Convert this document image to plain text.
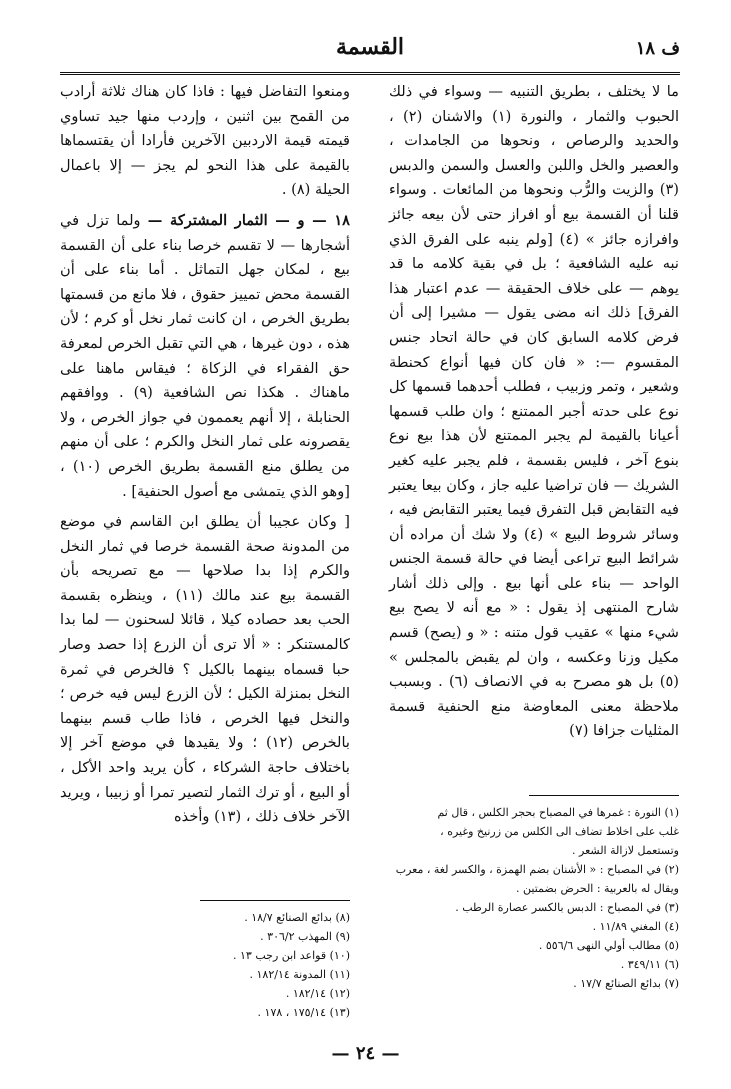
ف ١٨
القسمة

ما لا يختلف ، بطريق التنبيه — وسواء في ذلك الحبوب والثمار ، والنورة (١) والاشنان (٢) ، والحديد والرصاص ، ونحوها من الجامدات ، والعصير والخل واللبن والعسل والسمن والدبس (٣) والزيت والرُّب ونحوها من المائعات . وسواء قلنا أن القسمة بيع أو افراز حتى لأن بيعه جائز وافرازه جائز » (٤) [ولم ينبه على الفرق الذي نبه عليه الشافعية ؛ بل في بقية كلامه ما قد يوهم — على خلاف الحقيقة — عدم اعتبار هذا الفرق] ذلك انه مضى يقول — مشيرا إلى أن فرض كلامه السابق كان في حالة اتحاد جنس المقسوم —: « فان كان فيها أنواع كحنطة وشعير ، وتمر وزبيب ، فطلب أحدهما قسمها كل نوع على حدته أجبر الممتنع ؛ وان طلب قسمها أعيانا بالقيمة لم يجبر الممتنع لأن هذا بيع نوع بنوع آخر ، فليس بقسمة ، فلم يجبر عليه كغير الشريك — فان تراضيا عليه جاز ، وكان بيعا يعتبر فيه التقابض قبل التفرق فيما يعتبر التقابض فيه ، وسائر شروط البيع » (٤) ولا شك أن مراده أن شرائط البيع تراعى أيضا في حالة قسمة الجنس الواحد — بناء على أنها بيع . وإلى ذلك أشار شارح المنتهى إذ يقول : « مع أنه لا يصح بيع شيء منها » عقيب قول متنه : « و (يصح) قسم مكيل وزنا وعكسه ، وان لم يقبض بالمجلس » (٥) بل هو مصرح به في الانصاف (٦) . وبسبب ملاحظة معنى المعاوضة منع الحنفية قسمة المثليات جزافا (٧)

ومنعوا التفاضل فيها : فاذا كان هناك ثلاثة أرادب من القمح بين اثنين ، وإردب منها جيد تساوي قيمته قيمة الاردبين الآخرين فأرادا أن يقتسماها بالقيمة على هذا النحو لم يجز — إلا باعمال الحيلة (٨) .

١٨ — و — الثمار المشتركة — ولما تزل في أشجارها — لا تقسم خرصا بناء على أن القسمة بيع ، لمكان جهل التماثل . أما بناء على أن القسمة محض تمييز حقوق ، فلا مانع من قسمتها بطريق الخرص ، ان كانت ثمار نخل أو كرم ؛ لأن هذه ، دون غيرها ، هي التي تقبل الخرص لمعرفة حق الفقراء في الزكاة ؛ فيقاس ماهنا على ماهناك . هكذا نص الشافعية (٩) . ووافقهم الحنابلة ، إلا أنهم يعممون في جواز الخرص ، ولا يقصرونه على ثمار النخل والكرم ؛ على أن منهم من يطلق منع القسمة بطريق الخرص (١٠) ، [وهو الذي يتمشى مع أصول الحنفية] .

[ وكان عجيبا أن يطلق ابن القاسم في موضع من المدونة صحة القسمة خرصا في ثمار النخل والكرم إذا بدا صلاحها — مع تصريحه بأن القسمة بيع عند مالك (١١) ، وينظره بقسمة الحب بعد حصاده كيلا ، قائلا لسحنون — لما بدا كالمستنكر : « ألا ترى أن الزرع إذا حصد وصار حبا قسماه بينهما بالكيل ؟ فالخرص في ثمرة النخل بمنزلة الكيل ؛ لأن الزرع ليس فيه خرص ؛ والنخل فيها الخرص ، فاذا طاب قسم بينهما بالخرص (١٢) ؛ ولا يقيدها في موضع آخر إلا باختلاف حاجة الشركاء ، كأن يريد واحد الأكل ، أو البيع ، أو ترك الثمار لتصير تمرا أو زبيبا ، ويريد الآخر خلاف ذلك ، (١٣) وأخذه	(١) النورة : غمرها في المصباح بحجر الكلس ، قال ثم
غلب على اخلاط تضاف الى الكلس من زرنيخ وغيره ،
وتستعمل لازالة الشعر .
(٢) في المصباح : « الأشنان بضم الهمزة ، والكسر لغة ، معرب
ويقال له بالعربية : الحرض بضمتين .
(٣) في المصباح : الدبس بالكسر عصارة الرطب .
(٤) المغني ١١/٨٩ .
(٥) مطالب أولي النهى ٥٥٦/٦ .
(٦) ٣٤٩/١١ .
(٧) بدائع الصنائع ١٧/٧ .
(٨) بدائع الصنائع ١٨/٧ .
(٩) المهذب ٣٠٦/٢ .
(١٠) قواعد ابن رجب ١٣ .
(١١) المدونة ١٨٢/١٤ .
(١٢) ١٨٢/١٤ .
(١٣) ١٧٥/١٤ ، ١٧٨ .
— ٢٤ —
